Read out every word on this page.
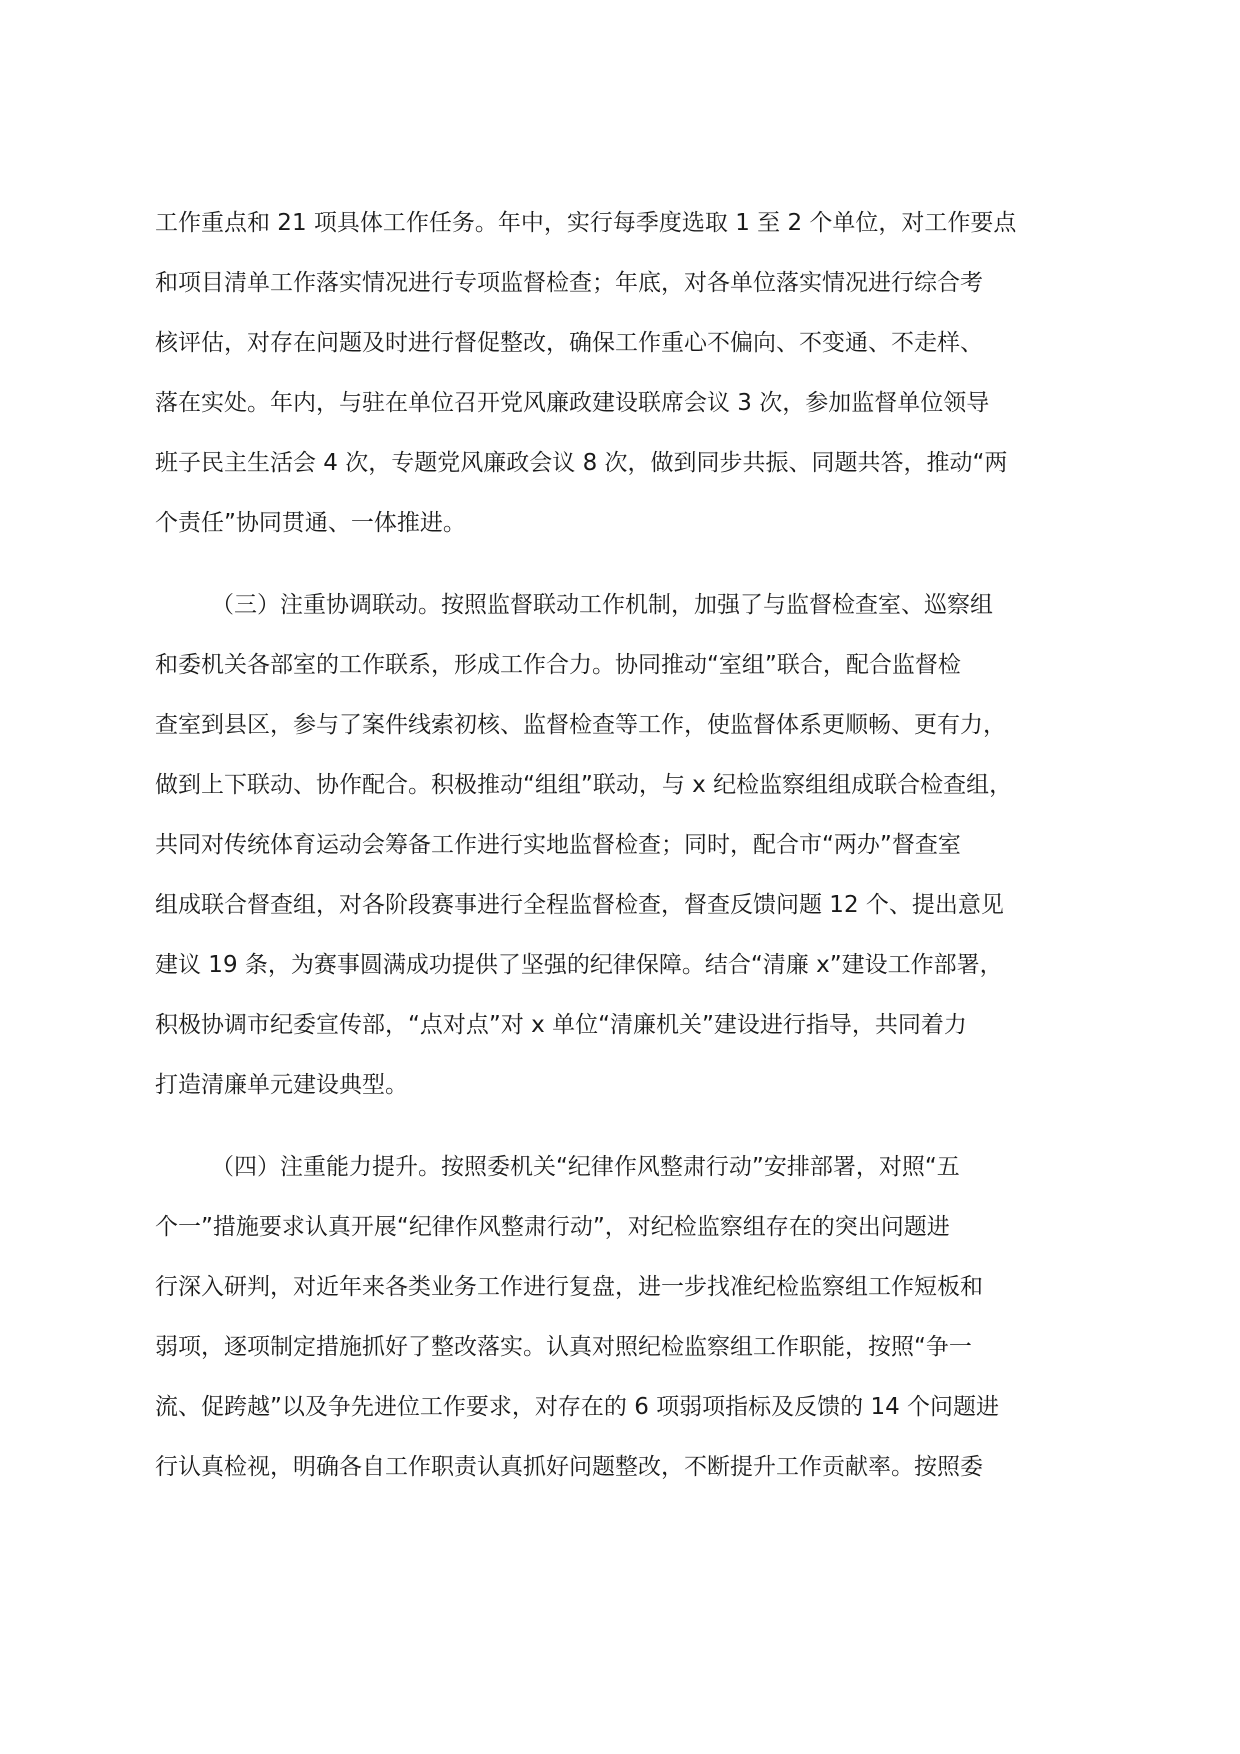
工作重点和 21 项具体工作任务。年中，实行每季度选取 1 至 2 个单位，对工作要点
和项目清单工作落实情况进行专项监督检查；年底，对各单位落实情况进行综合考
核评估，对存在问题及时进行督促整改，确保工作重心不偏向、不变通、不走样、
落在实处。年内，与驻在单位召开党风廉政建设联席会议 3 次，参加监督单位领导
班子民主生活会 4 次，专题党风廉政会议 8 次，做到同步共振、同题共答，推动“两
个责任”协同贯通、一体推进。

（三）注重协调联动。按照监督联动工作机制，加强了与监督检查室、巡察组
和委机关各部室的工作联系，形成工作合力。协同推动“室组”联合，配合监督检
查室到县区，参与了案件线索初核、监督检查等工作，使监督体系更顺畅、更有力，
做到上下联动、协作配合。积极推动“组组”联动，与 x 纪检监察组组成联合检查组，
共同对传统体育运动会筹备工作进行实地监督检查；同时，配合市“两办”督查室
组成联合督查组，对各阶段赛事进行全程监督检查，督查反馈问题 12 个、提出意见
建议 19 条，为赛事圆满成功提供了坚强的纪律保障。结合“清廉 x”建设工作部署，
积极协调市纪委宣传部，“点对点”对 x 单位“清廉机关”建设进行指导，共同着力
打造清廉单元建设典型。

（四）注重能力提升。按照委机关“纪律作风整肃行动”安排部署，对照“五
个一”措施要求认真开展“纪律作风整肃行动”，对纪检监察组存在的突出问题进
行深入研判，对近年来各类业务工作进行复盘，进一步找准纪检监察组工作短板和
弱项，逐项制定措施抓好了整改落实。认真对照纪检监察组工作职能，按照“争一
流、促跨越”以及争先进位工作要求，对存在的 6 项弱项指标及反馈的 14 个问题进
行认真检视，明确各自工作职责认真抓好问题整改，不断提升工作贡献率。按照委
